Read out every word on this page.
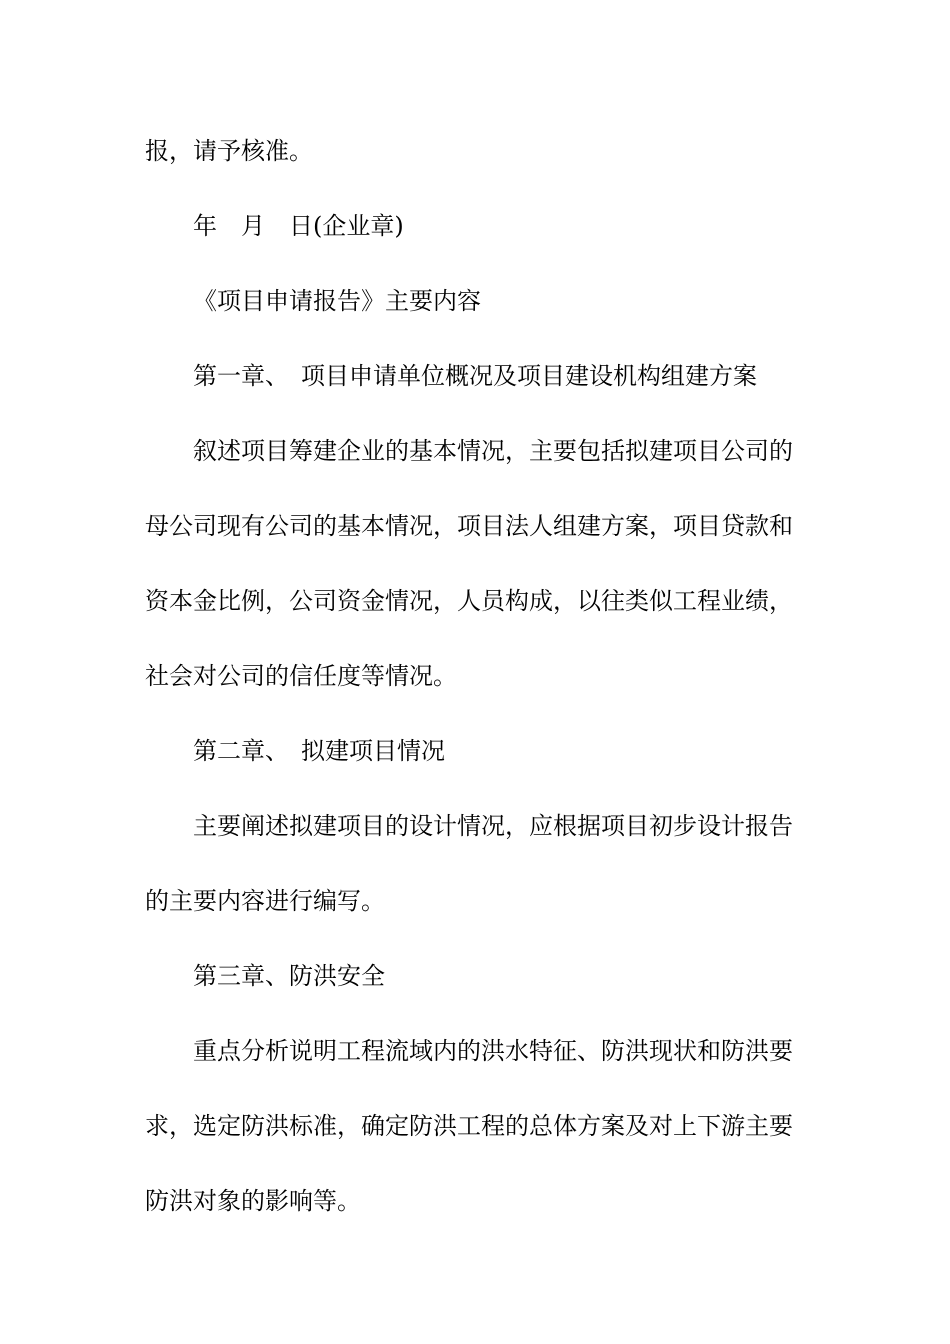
报，请予核准。
年　月　日(企业章)
《项目申请报告》主要内容
第一章、　项目申请单位概况及项目建设机构组建方案
叙述项目筹建企业的基本情况，主要包括拟建项目公司的
母公司现有公司的基本情况，项目法人组建方案，项目贷款和
资本金比例，公司资金情况，人员构成，以往类似工程业绩，
社会对公司的信任度等情况。
第二章、　拟建项目情况
主要阐述拟建项目的设计情况，应根据项目初步设计报告
的主要内容进行编写。
第三章、防洪安全
重点分析说明工程流域内的洪水特征、防洪现状和防洪要
求，选定防洪标准，确定防洪工程的总体方案及对上下游主要
防洪对象的影响等。
